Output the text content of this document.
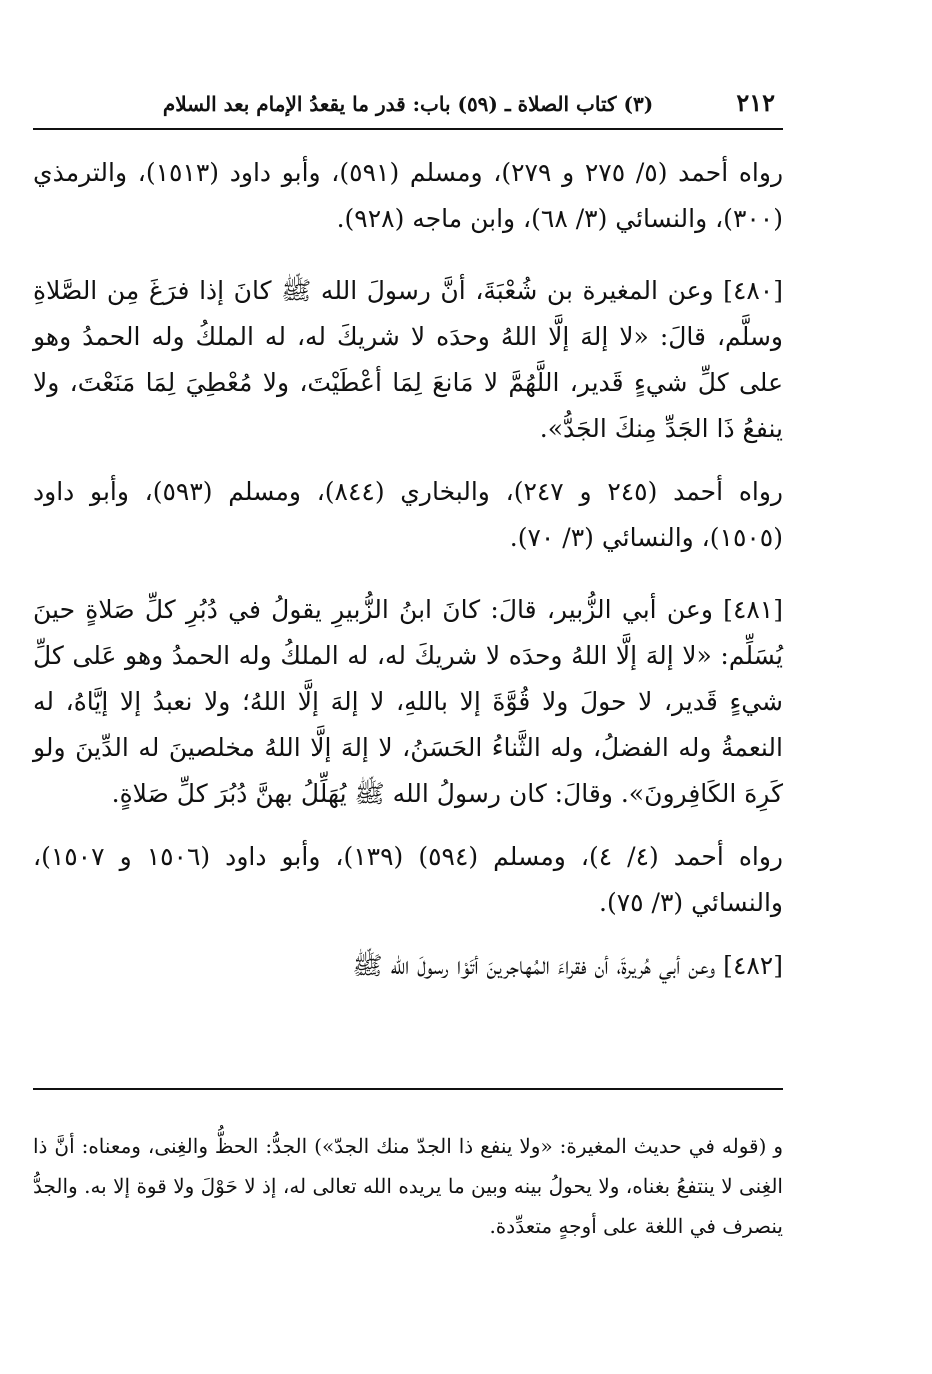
٢١٢
(٣) كتاب الصلاة ـ (٥٩) باب: قدر ما يقعدُ الإمام بعد السلام

رواه أحمد (٥/ ٢٧٥ و ٢٧٩)، ومسلم (٥٩١)، وأبو داود (١٥١٣)، والترمذي (٣٠٠)، والنسائي (٣/ ٦٨)، وابن ماجه (٩٢٨).

[٤٨٠] وعن المغيرة بن شُعْبَةَ، أنَّ رسولَ الله ﷺ كانَ إذا فرَغَ مِن الصَّلاةِ وسلَّم، قالَ: «لا إلهَ إلَّا اللهُ وحدَه لا شريكَ له، له الملكُ وله الحمدُ وهو على كلِّ شيءٍ قَدير، اللَّهُمَّ لا مَانعَ لِمَا أعْطَيْتَ، ولا مُعْطِيَ لِمَا مَنَعْتَ، ولا ينفعُ ذَا الجَدِّ مِنكَ الجَدُّ».

رواه أحمد (٢٤٥ و ٢٤٧)، والبخاري (٨٤٤)، ومسلم (٥٩٣)، وأبو داود (١٥٠٥)، والنسائي (٣/ ٧٠).

[٤٨١] وعن أبي الزُّبير، قالَ: كانَ ابنُ الزُّبيرِ يقولُ في دُبُرِ كلِّ صَلاةٍ حينَ يُسَلِّم: «لا إلهَ إلَّا اللهُ وحدَه لا شريكَ له، له الملكُ وله الحمدُ وهو عَلى كلِّ شيءٍ قَدير، لا حولَ ولا قُوَّةَ إلا باللهِ، لا إلهَ إلَّا اللهُ؛ ولا نعبدُ إلا إيَّاهُ، له النعمةُ وله الفضلُ، وله الثَّناءُ الحَسَنُ، لا إلهَ إلَّا اللهُ مخلصينَ له الدِّينَ ولو كَرِهَ الكَافِرونَ». وقالَ: كان رسولُ الله ﷺ يُهَلِّلُ بهنَّ دُبُرَ كلِّ صَلاةٍ.

رواه أحمد (٤/ ٤)، ومسلم (٥٩٤) (١٣٩)، وأبو داود (١٥٠٦ و ١٥٠٧)، والنسائي (٣/ ٧٥).

[٤٨٢] وعن أبي هُريرةَ، أن فقراءَ المُهاجرينَ أتَوْا رسولَ الله ﷺ

و (قوله في حديث المغيرة: «ولا ينفع ذا الجدّ منك الجدّ») الجدُّ: الحظُّ والغِنى، ومعناه: أنَّ ذا الغِنى لا ينتفعُ بغناه، ولا يحولُ بينه وبين ما يريده الله تعالى له، إذ لا حَوْلَ ولا قوة إلا به. والجدُّ ينصرف في اللغة على أوجهٍ متعدِّدة.
